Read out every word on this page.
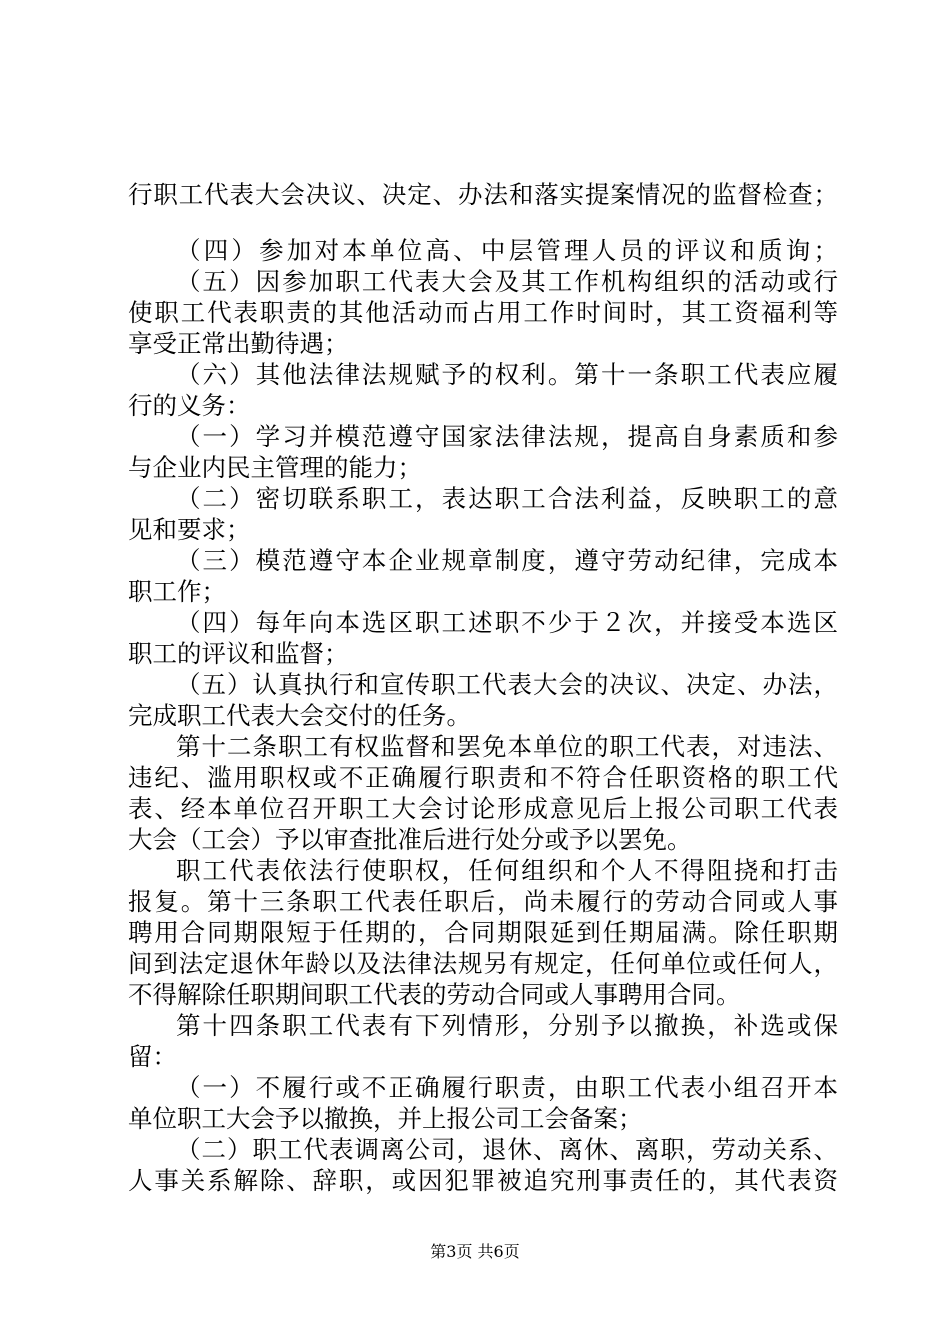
行职工代表大会决议、决定、办法和落实提案情况的监督检查；

（四）参加对本单位高、中层管理人员的评议和质询；

（五）因参加职工代表大会及其工作机构组织的活动或行

使职工代表职责的其他活动而占用工作时间时，其工资福利等

享受正常出勤待遇；

（六）其他法律法规赋予的权利。第十一条职工代表应履

行的义务：

（一）学习并模范遵守国家法律法规，提高自身素质和参

与企业内民主管理的能力；

（二）密切联系职工，表达职工合法利益，反映职工的意

见和要求；

（三）模范遵守本企业规章制度，遵守劳动纪律，完成本

职工作；

（四）每年向本选区职工述职不少于２次，并接受本选区

职工的评议和监督；

（五）认真执行和宣传职工代表大会的决议、决定、办法，

完成职工代表大会交付的任务。

第十二条职工有权监督和罢免本单位的职工代表，对违法、

违纪、滥用职权或不正确履行职责和不符合任职资格的职工代

表、经本单位召开职工大会讨论形成意见后上报公司职工代表

大会（工会）予以审查批准后进行处分或予以罢免。

职工代表依法行使职权，任何组织和个人不得阻挠和打击

报复。第十三条职工代表任职后，尚未履行的劳动合同或人事

聘用合同期限短于任期的，合同期限延到任期届满。除任职期

间到法定退休年龄以及法律法规另有规定，任何单位或任何人，

不得解除任职期间职工代表的劳动合同或人事聘用合同。

第十四条职工代表有下列情形，分别予以撤换，补选或保

留：

（一）不履行或不正确履行职责，由职工代表小组召开本

单位职工大会予以撤换，并上报公司工会备案；

（二）职工代表调离公司，退休、离休、离职，劳动关系、

人事关系解除、辞职，或因犯罪被追究刑事责任的，其代表资

第3页 共6页
